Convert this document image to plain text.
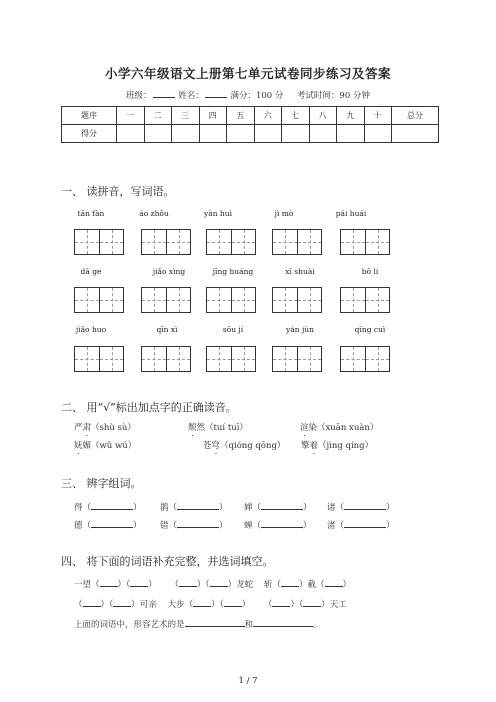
小学六年级语文上册第七单元试卷同步练习及答案
班级：	姓名：	满分：100 分 考试时间：90 分钟
题序	一	二	三	四	五	六	七	八	九	十	总分
得分											
一、 读拼音，写词语。
tān fàn	áo zhōu	yàn huì	jì mò	pái huái
dā ge	jiǎo xìng	jīng huáng	xī shuài	bō li
jiǎo huo	qīn xì	sōu jí	yán jùn	qīng cuì
二、 用“√”标出加点字的正确读音。
严肃（shù sù）	颓然（tuí tuī）	渲染（xuān xuàn）
妩媚（wǔ wú）	苍穹（qióng qōng） 擎着（jìng qíng）
三、 辨字组词。
得（	） 鹊（	） 婵（	） 诸（	）
德（	） 错（	） 蝉（	） 渚（	）
四、 将下面的词语补充完整，并选词填空。
一望（ ）（ ）     （ ）（ ）龙蛇 斩（ ）截（ ）
（ ）（ ）可亲 大步（ ）（ ）     （ ）（ ）天工
上面的词语中，形容艺术的是	和	。
1 / 7
